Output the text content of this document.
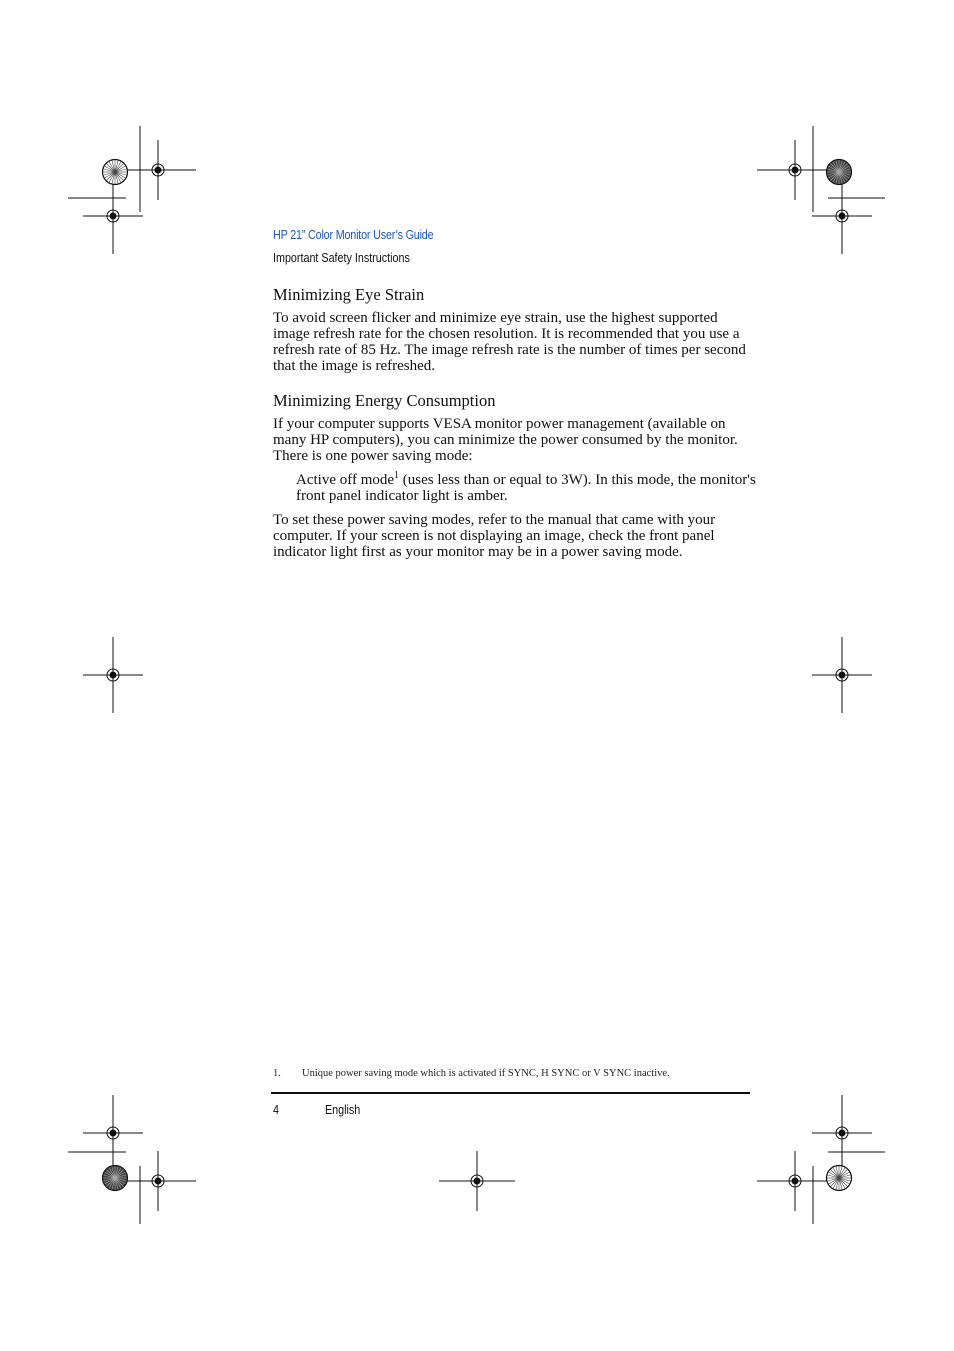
HP 21” Color Monitor User’s Guide
Important Safety Instructions
Minimizing Eye Strain
To avoid screen flicker and minimize eye strain, use the highest supported image refresh rate for the chosen resolution. It is recommended that you use a refresh rate of 85 Hz. The image refresh rate is the number of times per second that the image is refreshed.
Minimizing Energy Consumption
If your computer supports VESA monitor power management (available on many HP computers), you can minimize the power consumed by the monitor. There is one power saving mode:
Active off mode$^1$ (uses less than or equal to 3W). In this mode, the monitor's front panel indicator light is amber.
To set these power saving modes, refer to the manual that came with your computer. If your screen is not displaying an image, check the front panel indicator light first as your monitor may be in a power saving mode.
1. Unique power saving mode which is activated if SYNC, H SYNC or V SYNC inactive.
4	English
